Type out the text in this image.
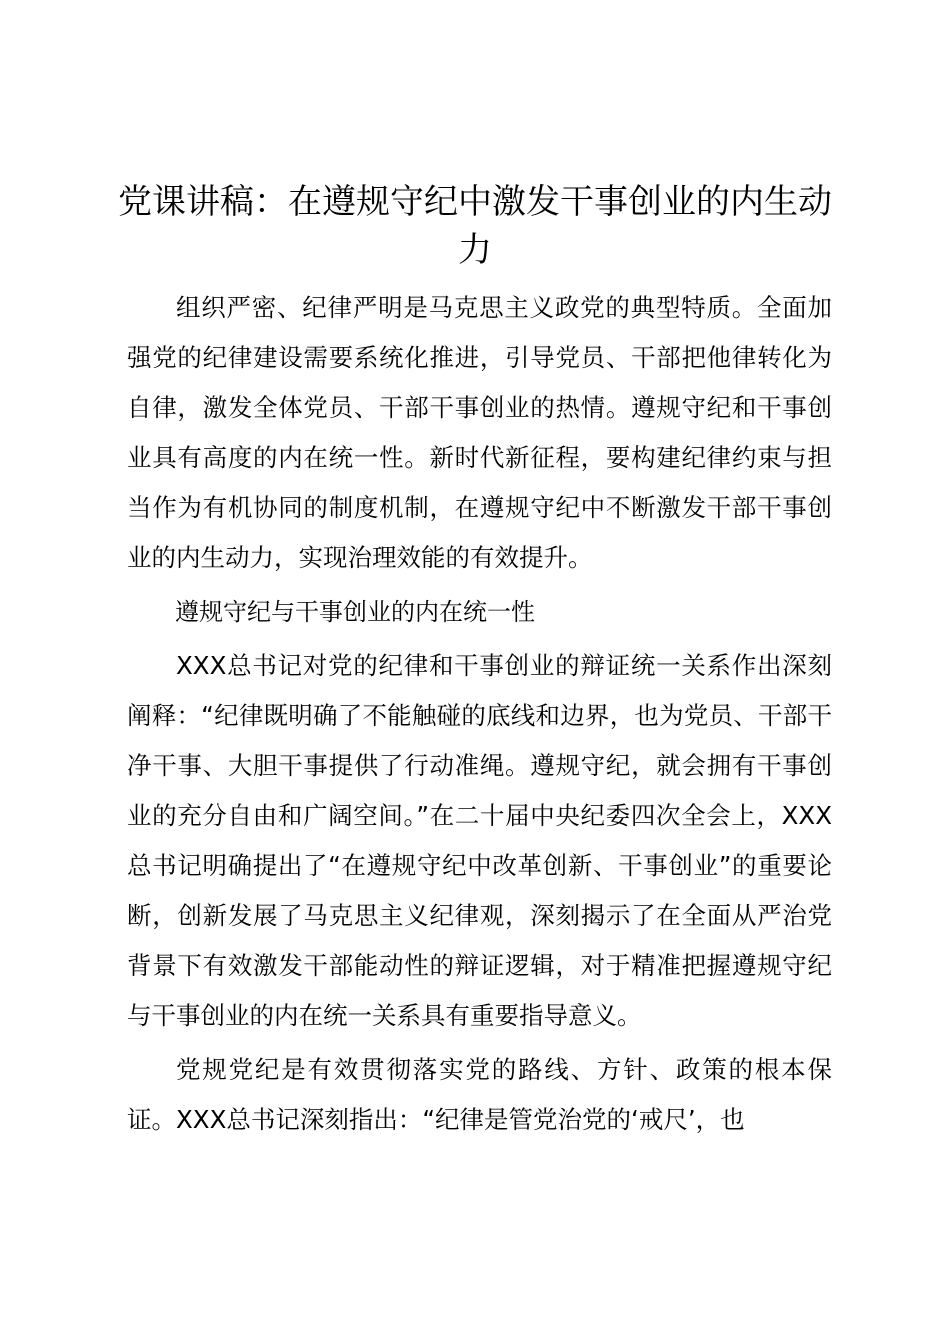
党课讲稿：在遵规守纪中激发干事创业的内生动力

组织严密、纪律严明是马克思主义政党的典型特质。全面加强党的纪律建设需要系统化推进，引导党员、干部把他律转化为自律，激发全体党员、干部干事创业的热情。遵规守纪和干事创业具有高度的内在统一性。新时代新征程，要构建纪律约束与担当作为有机协同的制度机制，在遵规守纪中不断激发干部干事创业的内生动力，实现治理效能的有效提升。

遵规守纪与干事创业的内在统一性

XXX总书记对党的纪律和干事创业的辩证统一关系作出深刻阐释：“纪律既明确了不能触碰的底线和边界，也为党员、干部干净干事、大胆干事提供了行动准绳。遵规守纪，就会拥有干事创业的充分自由和广阔空间。”在二十届中央纪委四次全会上，XXX总书记明确提出了“在遵规守纪中改革创新、干事创业”的重要论断，创新发展了马克思主义纪律观，深刻揭示了在全面从严治党背景下有效激发干部能动性的辩证逻辑，对于精准把握遵规守纪与干事创业的内在统一关系具有重要指导意义。

党规党纪是有效贯彻落实党的路线、方针、政策的根本保证。XXX总书记深刻指出：“纪律是管党治党的‘戒尺’，也
